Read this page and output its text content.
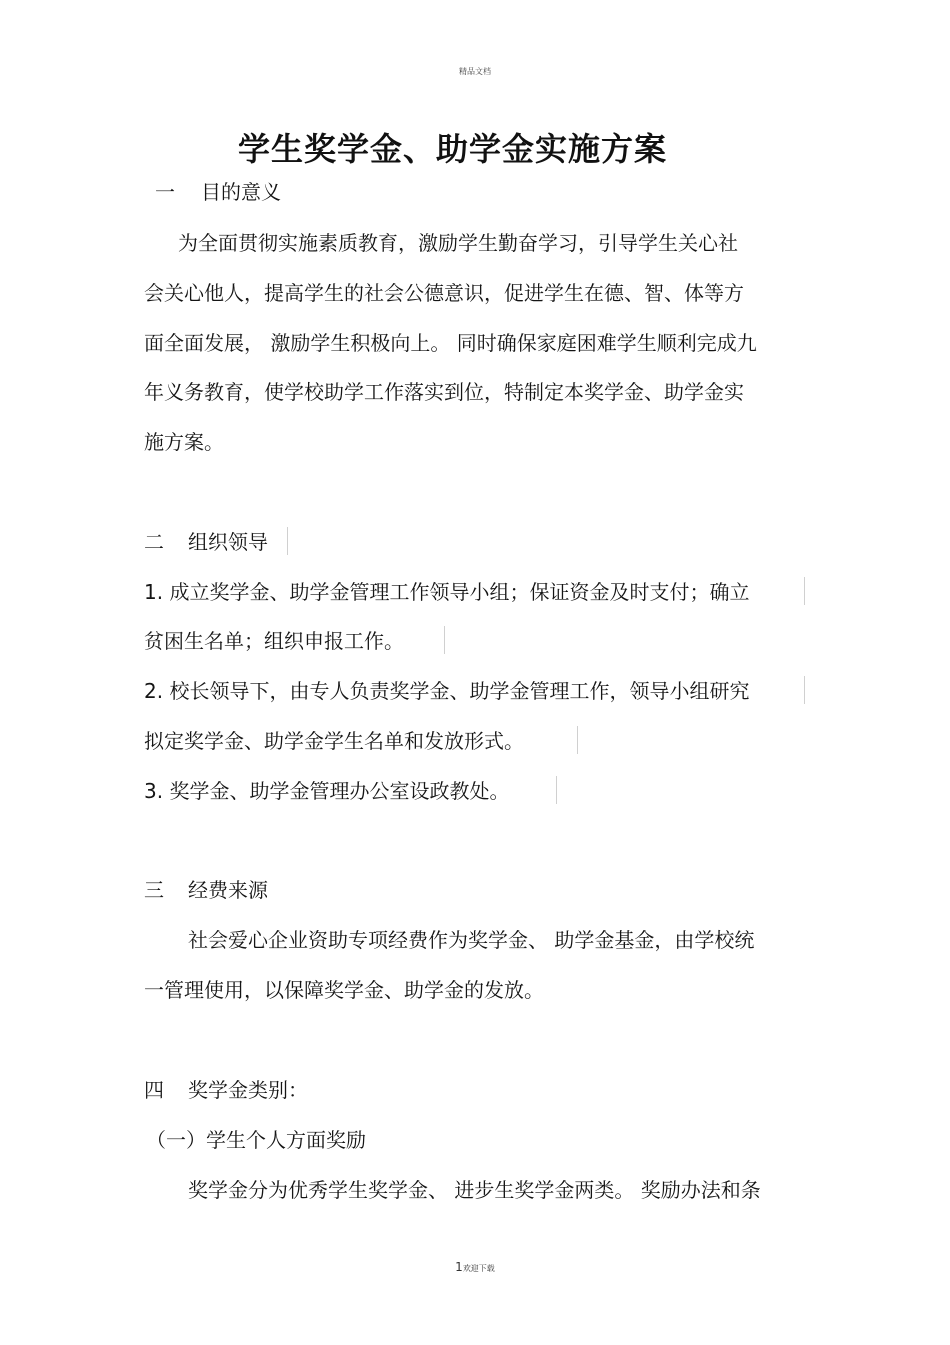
精品文档
学生奖学金、助学金实施方案
一 目的意义

为全面贯彻实施素质教育，激励学生勤奋学习，引导学生关心社

会关心他人，提高学生的社会公德意识，促进学生在德、智、体等方

面全面发展， 激励学生积极向上。 同时确保家庭困难学生顺利完成九

年义务教育，使学校助学工作落实到位，特制定本奖学金、助学金实

施方案。

二 组织领导

1. 成立奖学金、助学金管理工作领导小组；保证资金及时支付；确立

贫困生名单；组织申报工作。

2. 校长领导下，由专人负责奖学金、助学金管理工作，领导小组研究

拟定奖学金、助学金学生名单和发放形式。

3. 奖学金、助学金管理办公室设政教处。

三 经费来源

社会爱心企业资助专项经费作为奖学金、 助学金基金，由学校统

一管理使用，以保障奖学金、助学金的发放。

四 奖学金类别：

（一）学生个人方面奖励

奖学金分为优秀学生奖学金、 进步生奖学金两类。 奖励办法和条

1欢迎下载
